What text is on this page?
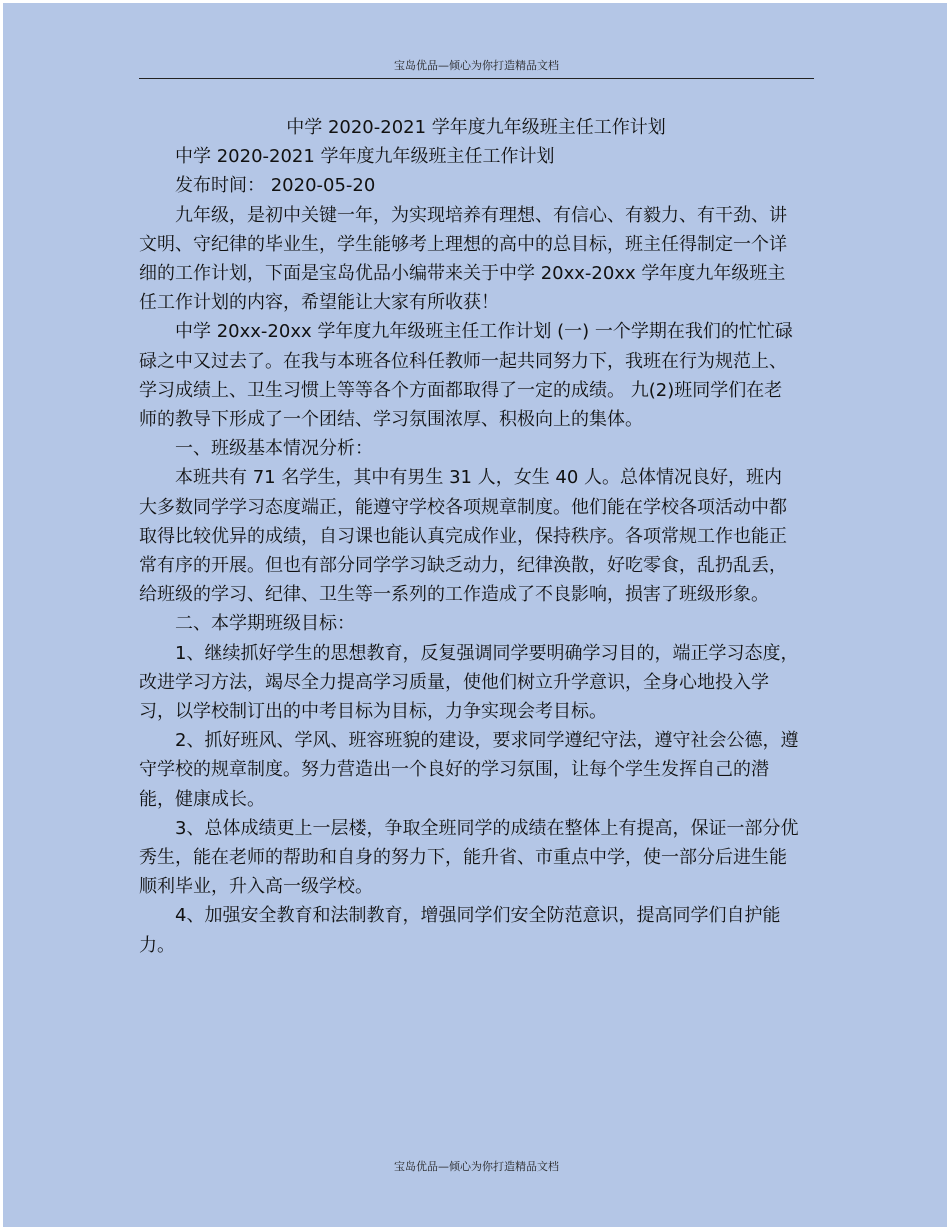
宝岛优品—倾心为你打造精品文档

中学 2020-2021 学年度九年级班主任工作计划

中学 2020-2021 学年度九年级班主任工作计划

发布时间： 2020-05-20

九年级，是初中关键一年，为实现培养有理想、有信心、有毅力、有干劲、讲文明、守纪律的毕业生，学生能够考上理想的高中的总目标，班主任得制定一个详细的工作计划，下面是宝岛优品小编带来关于中学 20xx-20xx 学年度九年级班主任工作计划的内容，希望能让大家有所收获！

中学 20xx-20xx 学年度九年级班主任工作计划 (一) 一个学期在我们的忙忙碌碌之中又过去了。在我与本班各位科任教师一起共同努力下，我班在行为规范上、学习成绩上、卫生习惯上等等各个方面都取得了一定的成绩。 九(2)班同学们在老师的教导下形成了一个团结、学习氛围浓厚、积极向上的集体。

一、班级基本情况分析：

本班共有 71 名学生，其中有男生 31 人，女生 40 人。总体情况良好，班内大多数同学学习态度端正，能遵守学校各项规章制度。他们能在学校各项活动中都取得比较优异的成绩，自习课也能认真完成作业，保持秩序。各项常规工作也能正常有序的开展。但也有部分同学学习缺乏动力，纪律涣散，好吃零食，乱扔乱丢，给班级的学习、纪律、卫生等一系列的工作造成了不良影响，损害了班级形象。

二、本学期班级目标：

1、继续抓好学生的思想教育，反复强调同学要明确学习目的，端正学习态度，改进学习方法，竭尽全力提高学习质量，使他们树立升学意识，全身心地投入学习，以学校制订出的中考目标为目标，力争实现会考目标。

2、抓好班风、学风、班容班貌的建设，要求同学遵纪守法，遵守社会公德，遵守学校的规章制度。努力营造出一个良好的学习氛围，让每个学生发挥自己的潜能，健康成长。

3、总体成绩更上一层楼，争取全班同学的成绩在整体上有提高，保证一部分优秀生，能在老师的帮助和自身的努力下，能升省、市重点中学，使一部分后进生能顺利毕业，升入高一级学校。

4、加强安全教育和法制教育，增强同学们安全防范意识，提高同学们自护能力。

宝岛优品—倾心为你打造精品文档
